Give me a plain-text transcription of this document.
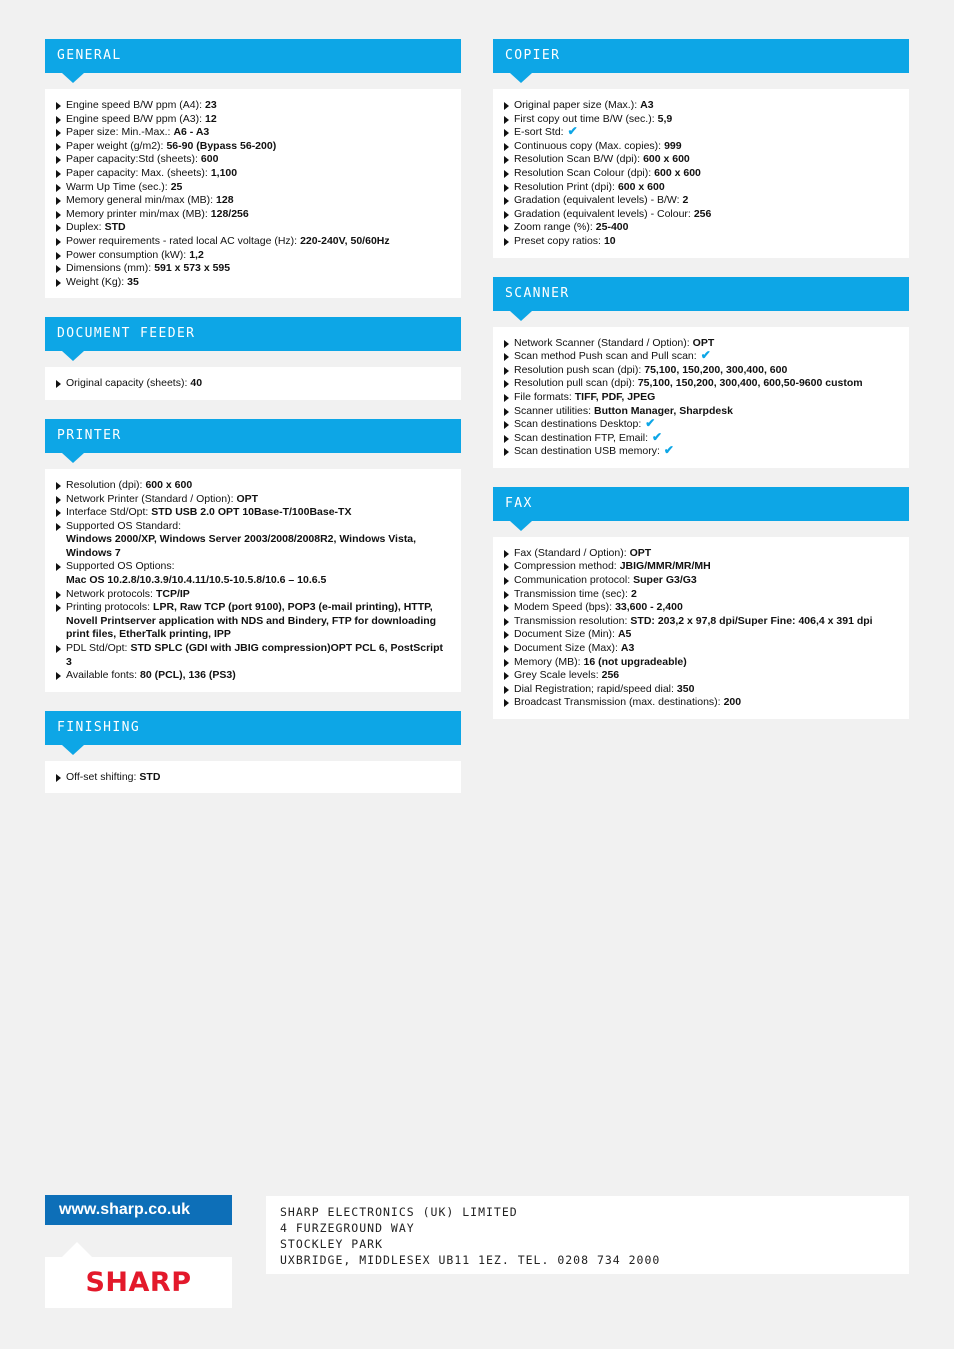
GENERAL
Engine speed B/W ppm (A4): 23
Engine speed B/W ppm (A3): 12
Paper size: Min.-Max.: A6 - A3
Paper weight (g/m2): 56-90 (Bypass 56-200)
Paper capacity:Std (sheets): 600
Paper capacity: Max. (sheets): 1,100
Warm Up Time (sec.): 25
Memory general min/max (MB): 128
Memory printer min/max (MB): 128/256
Duplex: STD
Power requirements - rated local AC voltage (Hz): 220-240V, 50/60Hz
Power consumption (kW): 1,2
Dimensions (mm): 591 x 573 x 595
Weight (Kg): 35
DOCUMENT FEEDER
Original capacity (sheets): 40
PRINTER
Resolution (dpi): 600 x 600
Network Printer (Standard / Option): OPT
Interface Std/Opt: STD USB 2.0 OPT 10Base-T/100Base-TX
Supported OS Standard:
Windows 2000/XP, Windows Server 2003/2008/2008R2, Windows Vista, Windows 7
Supported OS Options:
Mac OS 10.2.8/10.3.9/10.4.11/10.5-10.5.8/10.6 – 10.6.5
Network protocols: TCP/IP
Printing protocols: LPR, Raw TCP (port 9100), POP3 (e-mail printing), HTTP, Novell Printserver application with NDS and Bindery, FTP for downloading print files, EtherTalk printing, IPP
PDL Std/Opt: STD SPLC (GDI with JBIG compression)OPT PCL 6, PostScript 3
Available fonts: 80 (PCL), 136 (PS3)
FINISHING
Off-set shifting: STD
COPIER
Original paper size (Max.): A3
First copy out time B/W (sec.): 5,9
E-sort Std: ✔
Continuous copy (Max. copies): 999
Resolution Scan B/W (dpi): 600 x 600
Resolution Scan Colour (dpi): 600 x 600
Resolution Print (dpi): 600 x 600
Gradation (equivalent levels) - B/W: 2
Gradation (equivalent levels) - Colour: 256
Zoom range (%): 25-400
Preset copy ratios: 10
SCANNER
Network Scanner (Standard / Option): OPT
Scan method Push scan and Pull scan: ✔
Resolution push scan (dpi): 75,100, 150,200, 300,400, 600
Resolution pull scan (dpi): 75,100, 150,200, 300,400, 600,50-9600 custom
File formats: TIFF, PDF, JPEG
Scanner utilities: Button Manager, Sharpdesk
Scan destinations Desktop: ✔
Scan destination FTP, Email: ✔
Scan destination USB memory: ✔
FAX
Fax (Standard / Option): OPT
Compression method: JBIG/MMR/MR/MH
Communication protocol: Super G3/G3
Transmission time (sec): 2
Modem Speed (bps): 33,600 - 2,400
Transmission resolution: STD: 203,2 x 97,8 dpi/Super Fine: 406,4 x 391 dpi
Document Size (Min): A5
Document Size (Max): A3
Memory (MB): 16 (not upgradeable)
Grey Scale levels: 256
Dial Registration; rapid/speed dial: 350
Broadcast Transmission (max. destinations): 200
www.sharp.co.uk
SHARP
SHARP ELECTRONICS (UK) LIMITED
4 FURZEGROUND WAY
STOCKLEY PARK
UXBRIDGE, MIDDLESEX UB11 1EZ. TEL. 0208 734 2000
